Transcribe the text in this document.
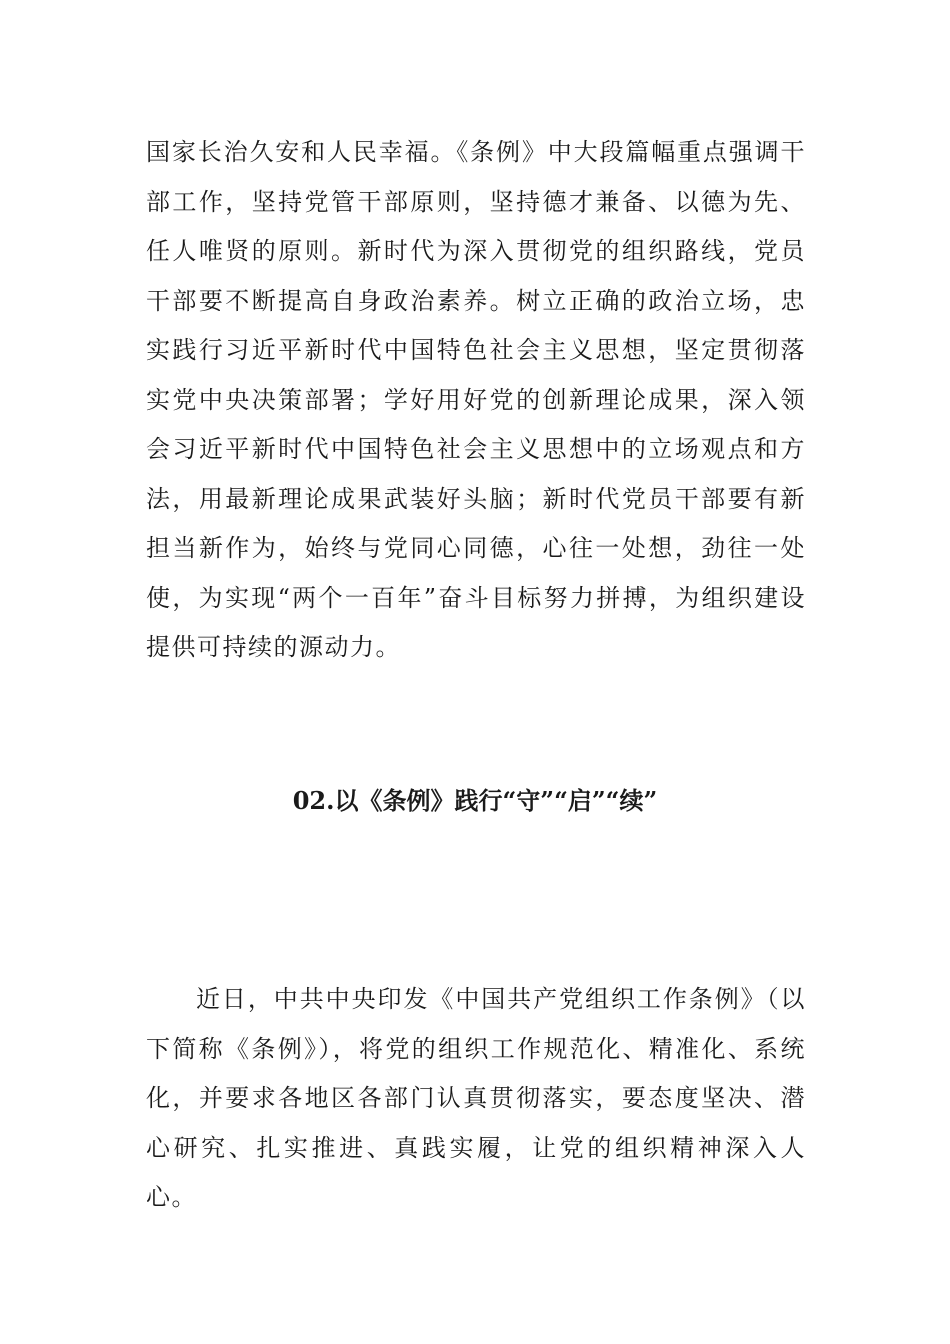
国家长治久安和人民幸福。《条例》中大段篇幅重点强调干部工作，坚持党管干部原则，坚持德才兼备、以德为先、任人唯贤的原则。新时代为深入贯彻党的组织路线，党员干部要不断提高自身政治素养。树立正确的政治立场，忠实践行习近平新时代中国特色社会主义思想，坚定贯彻落实党中央决策部署；学好用好党的创新理论成果，深入领会习近平新时代中国特色社会主义思想中的立场观点和方法，用最新理论成果武装好头脑；新时代党员干部要有新担当新作为，始终与党同心同德，心往一处想，劲往一处使，为实现“两个一百年”奋斗目标努力拼搏，为组织建设提供可持续的源动力。

02.以《条例》践行“守”“启”“续”

近日，中共中央印发《中国共产党组织工作条例》（以下简称《条例》），将党的组织工作规范化、精准化、系统化，并要求各地区各部门认真贯彻落实，要态度坚决、潜心研究、扎实推进、真践实履，让党的组织精神深入人心。
